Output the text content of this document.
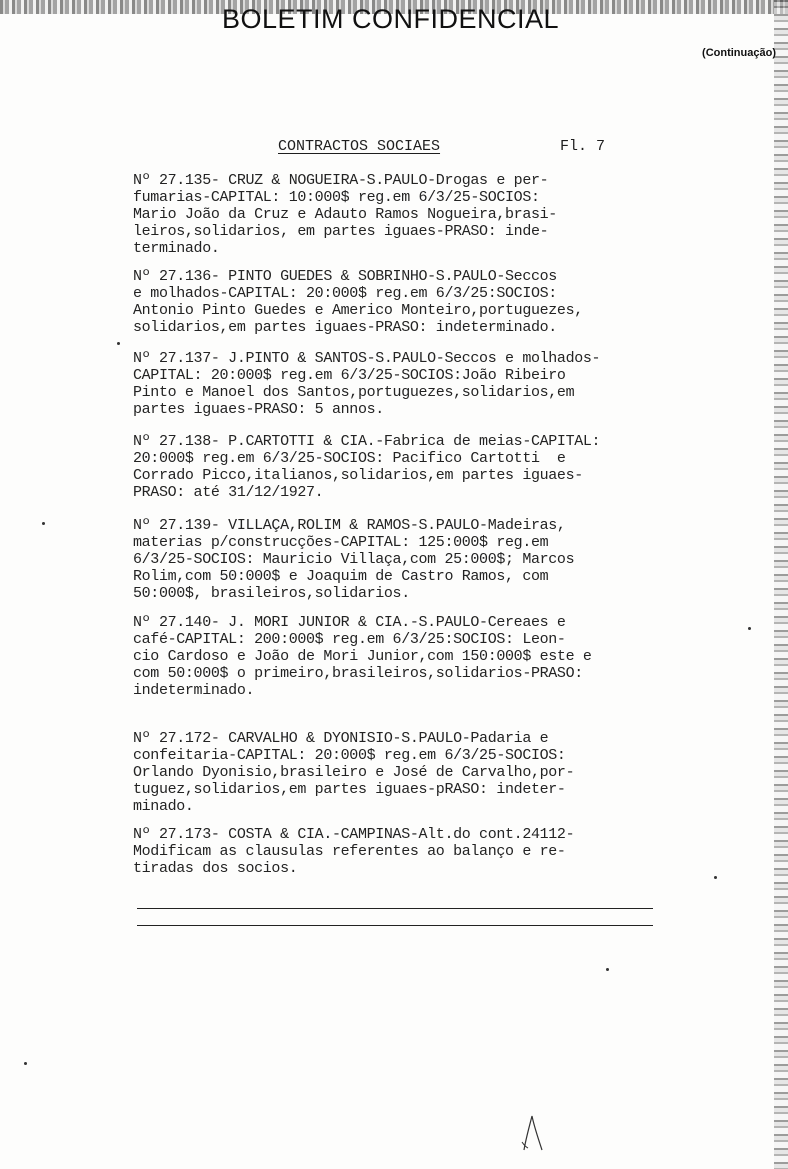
BOLETIM CONFIDENCIAL
(Continuação)
CONTRACTOS SOCIAES	Fl. 7

Nº 27.135- CRUZ & NOGUEIRA-S.PAULO-Drogas e per-
fumarias-CAPITAL: 10:000$ reg.em 6/3/25-SOCIOS:
Mario João da Cruz e Adauto Ramos Nogueira,brasi-
leiros,solidarios, em partes iguaes-PRASO: inde-
terminado.

Nº 27.136- PINTO GUEDES & SOBRINHO-S.PAULO-Seccos
e molhados-CAPITAL: 20:000$ reg.em 6/3/25:SOCIOS:
Antonio Pinto Guedes e Americo Monteiro,portuguezes,
solidarios,em partes iguaes-PRASO: indeterminado.

Nº 27.137- J.PINTO & SANTOS-S.PAULO-Seccos e molhados-
CAPITAL: 20:000$ reg.em 6/3/25-SOCIOS:João Ribeiro
Pinto e Manoel dos Santos,portuguezes,solidarios,em
partes iguaes-PRASO: 5 annos.

Nº 27.138- P.CARTOTTI & CIA.-Fabrica de meias-CAPITAL:
20:000$ reg.em 6/3/25-SOCIOS: Pacifico Cartotti  e
Corrado Picco,italianos,solidarios,em partes iguaes-
PRASO: até 31/12/1927.

Nº 27.139- VILLAÇA,ROLIM & RAMOS-S.PAULO-Madeiras,
materias p/construcções-CAPITAL: 125:000$ reg.em
6/3/25-SOCIOS: Mauricio Villaça,com 25:000$; Marcos
Rolim,com 50:000$ e Joaquim de Castro Ramos, com
50:000$, brasileiros,solidarios.

Nº 27.140- J. MORI JUNIOR & CIA.-S.PAULO-Cereaes e
café-CAPITAL: 200:000$ reg.em 6/3/25:SOCIOS: Leon-
cio Cardoso e João de Mori Junior,com 150:000$ este e
com 50:000$ o primeiro,brasileiros,solidarios-PRASO:
indeterminado.

Nº 27.172- CARVALHO & DYONISIO-S.PAULO-Padaria e
confeitaria-CAPITAL: 20:000$ reg.em 6/3/25-SOCIOS:
Orlando Dyonisio,brasileiro e José de Carvalho,por-
tuguez,solidarios,em partes iguaes-pRASO: indeter-
minado.

Nº 27.173- COSTA & CIA.-CAMPINAS-Alt.do cont.24112-
Modificam as clausulas referentes ao balanço e re-
tiradas dos socios.
